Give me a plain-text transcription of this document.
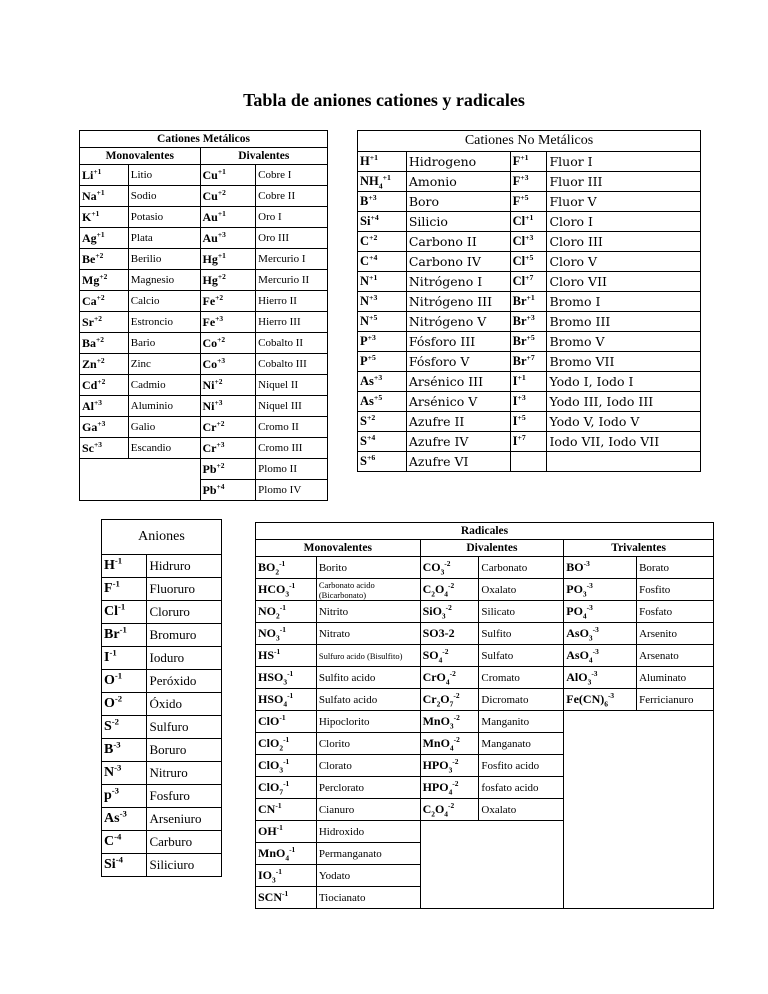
Tabla de aniones cationes y radicales
Cationes Metálicos			
Monovalentes		Divalentes	
$Li^{+1}$	Litio	$Cu^{+1}$	Cobre I
$Na^{+1}$	Sodio	$Cu^{+2}$	Cobre II
$K^{+1}$	Potasio	$Au^{+1}$	Oro I
$Ag^{+1}$	Plata	$Au^{+3}$	Oro III
$Be^{+2}$	Berilio	$Hg^{+1}$	Mercurio I
$Mg^{+2}$	Magnesio	$Hg^{+2}$	Mercurio II
$Ca^{+2}$	Calcio	$Fe^{+2}$	Hierro II
$Sr^{+2}$	Estroncio	$Fe^{+3}$	Hierro III
$Ba^{+2}$	Bario	$Co^{+2}$	Cobalto II
$Zn^{+2}$	Zinc	$Co^{+3}$	Cobalto III
$Cd^{+2}$	Cadmio	$Ni^{+2}$	Niquel II
$Al^{+3}$	Aluminio	$Ni^{+3}$	Niquel III
$Ga^{+3}$	Galio	$Cr^{+2}$	Cromo II
$Sc^{+3}$	Escandio	$Cr^{+3}$	Cromo III
		$Pb^{+2}$	Plomo II
		$Pb^{+4}$	Plomo IV
Cationes No Metálicos			
$H^{+1}$	Hidrogeno	$F^{+1}$	Fluor I
$NH_4^{+1}$	Amonio	$F^{+3}$	Fluor III
$B^{+3}$	Boro	$F^{+5}$	Fluor V
$Si^{+4}$	Silicio	$Cl^{+1}$	Cloro I
$C^{+2}$	Carbono II	$Cl^{+3}$	Cloro III
$C^{+4}$	Carbono IV	$Cl^{+5}$	Cloro V
$N^{+1}$	Nitrógeno I	$Cl^{+7}$	Cloro VII
$N^{+3}$	Nitrógeno III	$Br^{+1}$	Bromo I
$N^{+5}$	Nitrógeno V	$Br^{+3}$	Bromo III
$P^{+3}$	Fósforo III	$Br^{+5}$	Bromo V
$P^{+5}$	Fósforo V	$Br^{+7}$	Bromo VII
$As^{+3}$	Arsénico III	$I^{+1}$	Yodo I, Iodo I
$As^{+5}$	Arsénico V	$I^{+3}$	Yodo III, Iodo III
$S^{+2}$	Azufre II	$I^{+5}$	Yodo V, Iodo V
$S^{+4}$	Azufre IV	$I^{+7}$	Iodo VII, Iodo VII
$S^{+6}$	Azufre VI		
Aniones	
$H^{-1}$	Hidruro
$F^{-1}$	Fluoruro
$Cl^{-1}$	Cloruro
$Br^{-1}$	Bromuro
$I^{-1}$	Ioduro
$O^{-1}$	Peróxido
$O^{-2}$	Óxido
$S^{-2}$	Sulfuro
$B^{-3}$	Boruro
$N^{-3}$	Nitruro
$p^{-3}$	Fosfuro
$As^{-3}$	Arseniuro
$C^{-4}$	Carburo
$Si^{-4}$	Siliciuro
Radicales					
Monovalentes		Divalentes		Trivalentes	
$BO_2^{-1}$	Borito	$CO_3^{-2}$	Carbonato	$BO^{-3}$	Borato
$HCO_3^{-1}$	Carbonato acido (Bicarbonato)	$C_2O_4^{-2}$	Oxalato	$PO_3^{-3}$	Fosfito
$NO_2^{-1}$	Nitrito	SiO$_3^{-2}$	Silicato	$PO_4^{-3}$	Fosfato
$NO_3^{-1}$	Nitrato	SO3-2	Sulfito	AsO$_3^{-3}$	Arsenito
$HS^{-1}$	Sulfuro acido (Bisulfito)	$SO_4^{-2}$	Sulfato	AsO$_4^{-3}$	Arsenato
$HSO_3^{-1}$	Sulfito acido	CrO$_4^{-2}$	Cromato	AlO$_3^{-3}$	Aluminato
$HSO_4^{-1}$	Sulfato acido	$Cr_2O_7^{-2}$	Dicromato	$Fe(CN)_6^{-3}$	Ferricianuro
ClO$^{-1}$	Hipoclorito	MnO$_3^{-2}$	Manganito		
ClO$_2^{-1}$	Clorito	MnO$_4^{-2}$	Manganato		
ClO$_3^{-1}$	Clorato	$HPO_3^{-2}$	Fosfito acido		
ClO$_7^{-1}$	Perclorato	$HPO_4^{-2}$	fosfato acido		
$CN^{-1}$	Cianuro	$C_2O_4^{-2}$	Oxalato		
$OH^{-1}$	Hidroxido				
MnO$_4^{-1}$	Permanganato				
$IO_3^{-1}$	Yodato				
$SCN^{-1}$	Tiocianato				
